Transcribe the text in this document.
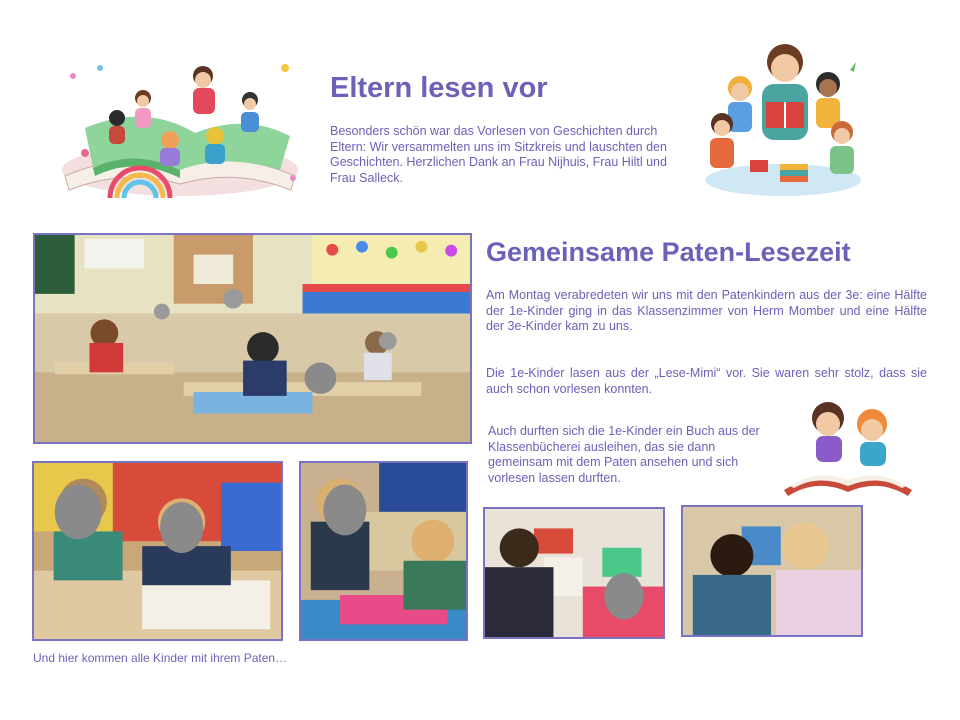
Eltern lesen vor
Besonders schön war das Vorlesen von Geschichten durch Eltern: Wir versammelten uns im Sitzkreis und lauschten den Geschichten. Herzlichen Dank an Frau Nijhuis, Frau Hiltl und Frau Salleck.
Gemeinsame Paten-Lesezeit
Am Montag verabredeten wir uns mit den Patenkindern aus der 3e: eine Hälfte der 1e-Kinder ging in das Klassenzimmer von Herm Momber und eine Hälfte der 3e-Kinder kam zu uns.
Die 1e-Kinder lasen aus der „Lese-Mimi“ vor. Sie waren sehr stolz, dass sie auch schon vorlesen konnten.
Auch durften sich die 1e-Kinder ein Buch aus der Klassenbücherei ausleihen, das sie dann gemeinsam mit dem Paten ansehen und sich vorlesen lassen durften.
Und hier kommen alle Kinder mit ihrem Paten…
